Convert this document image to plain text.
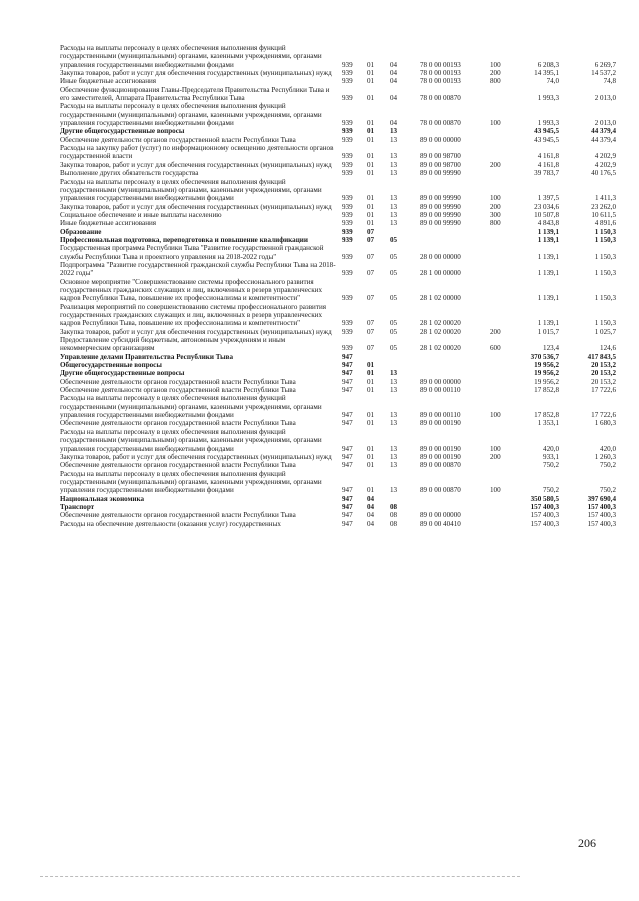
Расходы на выплаты персоналу в целях обеспечения выполнения функций государственными (муниципальными) органами, казенными учреждениями, органами управления государственными внебюджетными фондами	939	01	04	78 0 00 00193	100	6 208,3	6 269,7
Закупка товаров, работ и услуг для обеспечения государственных (муниципальных) нужд	939	01	04	78 0 00 00193	200	14 395,1	14 537,2
Иные бюджетные ассигнования	939	01	04	78 0 00 00193	800	74,0	74,8
Обеспечение функционирования Главы-Председателя Правительства Республики Тыва и его заместителей, Аппарата Правительства Республики Тыва	939	01	04	78 0 00 00870		1 993,3	2 013,0
Расходы на выплаты персоналу в целях обеспечения выполнения функций государственными (муниципальными) органами, казенными учреждениями, органами управления государственными внебюджетными фондами	939	01	04	78 0 00 00870	100	1 993,3	2 013,0
Другие общегосударственные вопросы	939	01	13			43 945,5	44 379,4
Обеспечение деятельности органов государственной власти Республики Тыва	939	01	13	89 0 00 00000		43 945,5	44 379,4
Расходы на закупку работ (услуг) по информационному освещению деятельности органов государственной власти	939	01	13	89 0 00 98700		4 161,8	4 202,9
Закупка товаров, работ и услуг для обеспечения государственных (муниципальных) нужд	939	01	13	89 0 00 98700	200	4 161,8	4 202,9
Выполнение других обязательств государства	939	01	13	89 0 00 99990		39 783,7	40 176,5
Расходы на выплаты персоналу в целях обеспечения выполнения функций государственными (муниципальными) органами, казенными учреждениями, органами управления государственными внебюджетными фондами	939	01	13	89 0 00 99990	100	1 397,5	1 411,3
Закупка товаров, работ и услуг для обеспечения государственных (муниципальных) нужд	939	01	13	89 0 00 99990	200	23 034,6	23 262,0
Социальное обеспечение и иные выплаты населению	939	01	13	89 0 00 99990	300	10 507,8	10 611,5
Иные бюджетные ассигнования	939	01	13	89 0 00 99990	800	4 843,8	4 891,6
Образование	939	07				1 139,1	1 150,3
Профессиональная подготовка, переподготовка и повышение квалификации	939	07	05			1 139,1	1 150,3
Государственная программа Республики Тыва "Развитие государственной гражданской службы Республики Тыва и проектного управления на 2018-2022 годы"	939	07	05	28 0 00 00000		1 139,1	1 150,3
Подпрограмма "Развитие государственной гражданской службы Республики Тыва на 2018-2022 годы"	939	07	05	28 1 00 00000		1 139,1	1 150,3
Основное мероприятие "Совершенствование системы профессионального развития государственных гражданских служащих и лиц, включенных в резерв управленческих кадров Республики Тыва, повышение их профессионализма и компетентности"	939	07	05	28 1 02 00000		1 139,1	1 150,3
Реализация мероприятий по совершенствованию системы профессионального развития государственных гражданских служащих и лиц, включенных в резерв управленческих кадров Республики Тыва, повышение их профессионализма и компетентности"	939	07	05	28 1 02 00020		1 139,1	1 150,3
Закупка товаров, работ и услуг для обеспечения государственных (муниципальных) нужд	939	07	05	28 1 02 00020	200	1 015,7	1 025,7
Предоставление субсидий бюджетным, автономным учреждениям и иным некоммерческим организациям	939	07	05	28 1 02 00020	600	123,4	124,6
Управление делами Правительства Республики Тыва	947					370 536,7	417 843,5
Общегосударственные вопросы	947	01				19 956,2	20 153,2
Другие общегосударственные вопросы	947	01	13			19 956,2	20 153,2
Обеспечение деятельности органов государственной власти Республики Тыва	947	01	13	89 0 00 00000		19 956,2	20 153,2
Обеспечение деятельности органов государственной власти Республики Тыва	947	01	13	89 0 00 00110		17 852,8	17 722,6
Расходы на выплаты персоналу в целях обеспечения выполнения функций государственными (муниципальными) органами, казенными учреждениями, органами управления государственными внебюджетными фондами	947	01	13	89 0 00 00110	100	17 852,8	17 722,6
Обеспечение деятельности органов государственной власти Республики Тыва	947	01	13	89 0 00 00190		1 353,1	1 680,3
Расходы на выплаты персоналу в целях обеспечения выполнения функций государственными (муниципальными) органами, казенными учреждениями, органами управления государственными внебюджетными фондами	947	01	13	89 0 00 00190	100	420,0	420,0
Закупка товаров, работ и услуг для обеспечения государственных (муниципальных) нужд	947	01	13	89 0 00 00190	200	933,1	1 260,3
Обеспечение деятельности органов государственной власти Республики Тыва	947	01	13	89 0 00 00870		750,2	750,2
Расходы на выплаты персоналу в целях обеспечения выполнения функций государственными (муниципальными) органами, казенными учреждениями, органами управления государственными внебюджетными фондами	947	01	13	89 0 00 00870	100	750,2	750,2
Национальная экономика	947	04				350 580,5	397 690,4
Транспорт	947	04	08			157 400,3	157 400,3
Обеспечение деятельности органов государственной власти Республики Тыва	947	04	08	89 0 00 00000		157 400,3	157 400,3
Расходы на обеспечение деятельности (оказания услуг) государственных	947	04	08	89 0 00 40410		157 400,3	157 400,3
206
